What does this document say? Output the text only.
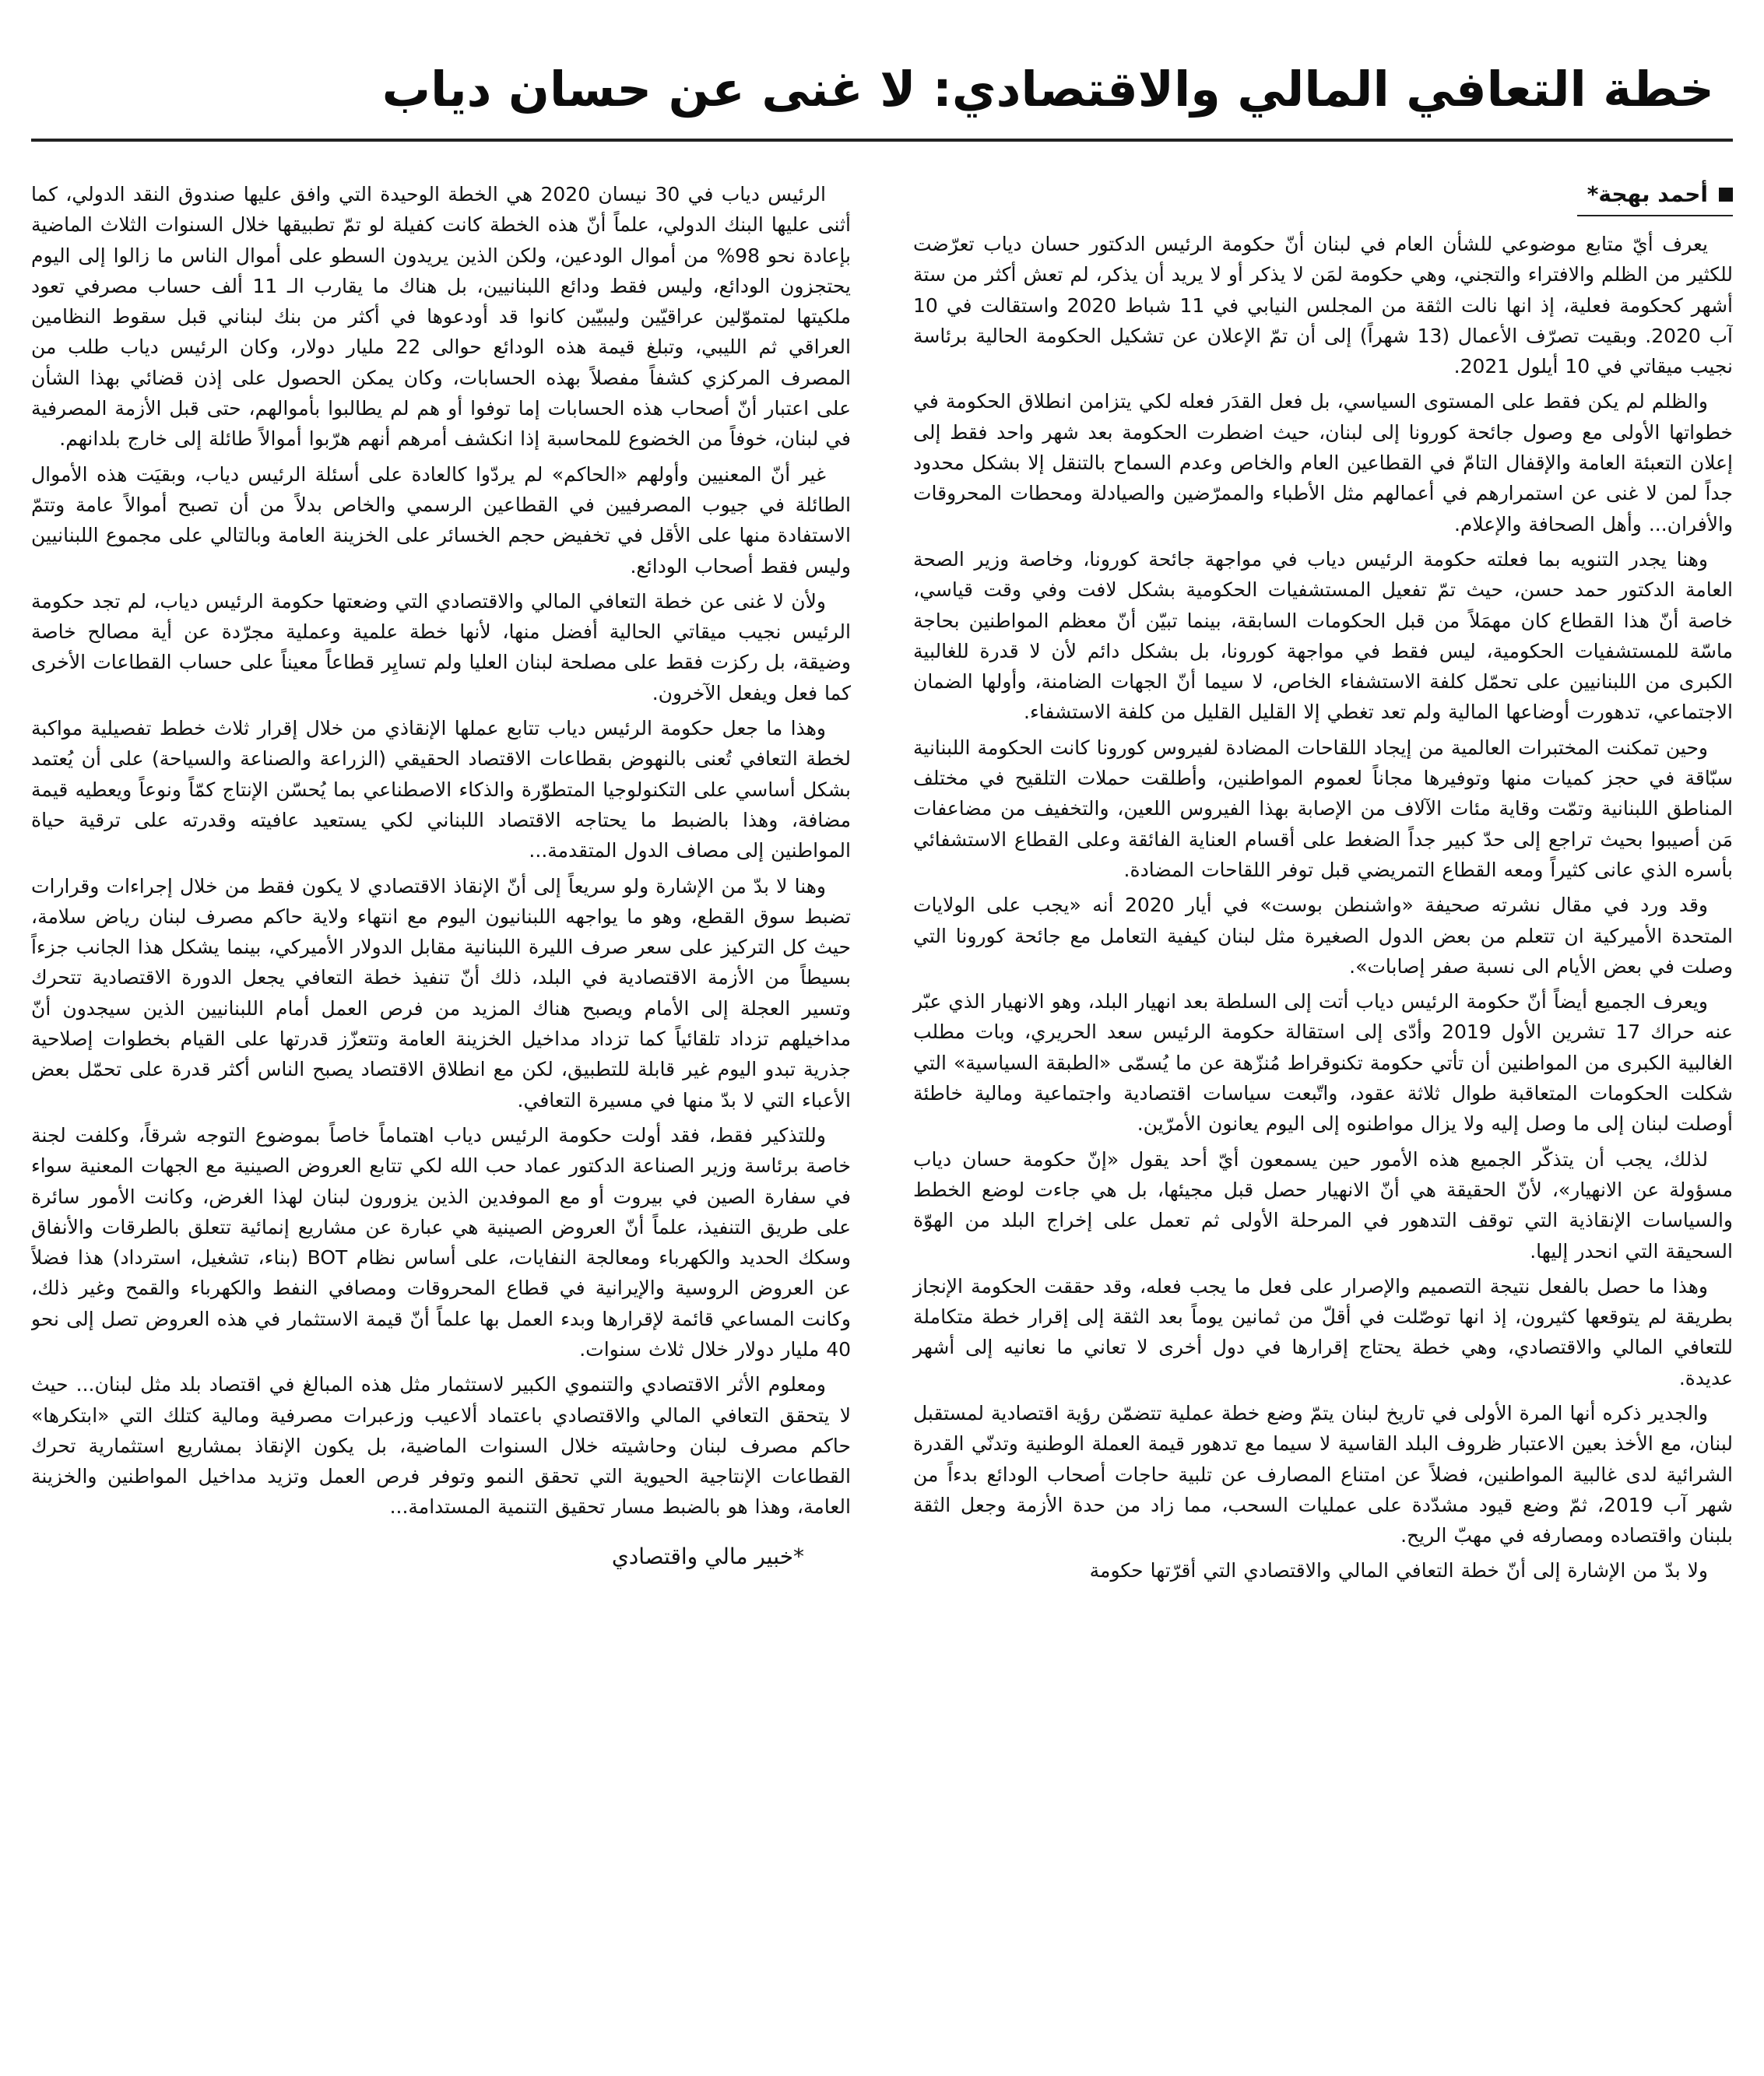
خطة التعافي المالي والاقتصادي: لا غنى عن حسان دياب
أحمد بهجة*

يعرف أيّ متابع موضوعي للشأن العام في لبنان أنّ حكومة الرئيس الدكتور حسان دياب تعرّضت للكثير من الظلم والافتراء والتجني، وهي حكومة لمَن لا يذكر أو لا يريد أن يذكر، لم تعش أكثر من ستة أشهر كحكومة فعلية، إذ انها نالت الثقة من المجلس النيابي في 11 شباط 2020 واستقالت في 10 آب 2020. وبقيت تصرّف الأعمال (13 شهراً) إلى أن تمّ الإعلان عن تشكيل الحكومة الحالية برئاسة نجيب ميقاتي في 10 أيلول 2021.

والظلم لم يكن فقط على المستوى السياسي، بل فعل القدَر فعله لكي يتزامن انطلاق الحكومة في خطواتها الأولى مع وصول جائحة كورونا إلى لبنان، حيث اضطرت الحكومة بعد شهر واحد فقط إلى إعلان التعبئة العامة والإقفال التامّ في القطاعين العام والخاص وعدم السماح بالتنقل إلا بشكل محدود جداً لمن لا غنى عن استمرارهم في أعمالهم مثل الأطباء والممرّضين والصيادلة ومحطات المحروقات والأفران... وأهل الصحافة والإعلام.

وهنا يجدر التنويه بما فعلته حكومة الرئيس دياب في مواجهة جائحة كورونا، وخاصة وزير الصحة العامة الدكتور حمد حسن، حيث تمّ تفعيل المستشفيات الحكومية بشكل لافت وفي وقت قياسي، خاصة أنّ هذا القطاع كان مهمَلاً من قبل الحكومات السابقة، بينما تبيّن أنّ معظم المواطنين بحاجة ماسّة للمستشفيات الحكومية، ليس فقط في مواجهة كورونا، بل بشكل دائم لأن لا قدرة للغالبية الكبرى من اللبنانيين على تحمّل كلفة الاستشفاء الخاص، لا سيما أنّ الجهات الضامنة، وأولها الضمان الاجتماعي، تدهورت أوضاعها المالية ولم تعد تغطي إلا القليل القليل من كلفة الاستشفاء.

وحين تمكنت المختبرات العالمية من إيجاد اللقاحات المضادة لفيروس كورونا كانت الحكومة اللبنانية سبّاقة في حجز كميات منها وتوفيرها مجاناً لعموم المواطنين، وأطلقت حملات التلقيح في مختلف المناطق اللبنانية وتمّت وقاية مئات الآلاف من الإصابة بهذا الفيروس اللعين، والتخفيف من مضاعفات مَن أصيبوا بحيث تراجع إلى حدّ كبير جداً الضغط على أقسام العناية الفائقة وعلى القطاع الاستشفائي بأسره الذي عانى كثيراً ومعه القطاع التمريضي قبل توفر اللقاحات المضادة.

وقد ورد في مقال نشرته صحيفة «واشنطن بوست» في أيار 2020 أنه «يجب على الولايات المتحدة الأميركية ان تتعلم من بعض الدول الصغيرة مثل لبنان كيفية التعامل مع جائحة كورونا التي وصلت في بعض الأيام الى نسبة صفر إصابات».

ويعرف الجميع أيضاً أنّ حكومة الرئيس دياب أتت إلى السلطة بعد انهيار البلد، وهو الانهيار الذي عبّر عنه حراك 17 تشرين الأول 2019 وأدّى إلى استقالة حكومة الرئيس سعد الحريري، وبات مطلب الغالبية الكبرى من المواطنين أن تأتي حكومة تكنوقراط مُنزّهة عن ما يُسمّى «الطبقة السياسية» التي شكلت الحكومات المتعاقبة طوال ثلاثة عقود، واتّبعت سياسات اقتصادية واجتماعية ومالية خاطئة أوصلت لبنان إلى ما وصل إليه ولا يزال مواطنوه إلى اليوم يعانون الأمرّين.

لذلك، يجب أن يتذكّر الجميع هذه الأمور حين يسمعون أيّ أحد يقول «إنّ حكومة حسان دياب مسؤولة عن الانهيار»، لأنّ الحقيقة هي أنّ الانهيار حصل قبل مجيئها، بل هي جاءت لوضع الخطط والسياسات الإنقاذية التي توقف التدهور في المرحلة الأولى ثم تعمل على إخراج البلد من الهوّة السحيقة التي انحدر إليها.

وهذا ما حصل بالفعل نتيجة التصميم والإصرار على فعل ما يجب فعله، وقد حققت الحكومة الإنجاز بطريقة لم يتوقعها كثيرون، إذ انها توصّلت في أقلّ من ثمانين يوماً بعد الثقة إلى إقرار خطة متكاملة للتعافي المالي والاقتصادي، وهي خطة يحتاج إقرارها في دول أخرى لا تعاني ما نعانيه إلى أشهر عديدة.

والجدير ذكره أنها المرة الأولى في تاريخ لبنان يتمّ وضع خطة عملية تتضمّن رؤية اقتصادية لمستقبل لبنان، مع الأخذ بعين الاعتبار ظروف البلد القاسية لا سيما مع تدهور قيمة العملة الوطنية وتدنّي القدرة الشرائية لدى غالبية المواطنين، فضلاً عن امتناع المصارف عن تلبية حاجات أصحاب الودائع بدءاً من شهر آب 2019، ثمّ وضع قيود مشدّدة على عمليات السحب، مما زاد من حدة الأزمة وجعل الثقة بلبنان واقتصاده ومصارفه في مهبّ الريح.

ولا بدّ من الإشارة إلى أنّ خطة التعافي المالي والاقتصادي التي أقرّتها حكومة

الرئيس دياب في 30 نيسان 2020 هي الخطة الوحيدة التي وافق عليها صندوق النقد الدولي، كما أثنى عليها البنك الدولي، علماً أنّ هذه الخطة كانت كفيلة لو تمّ تطبيقها خلال السنوات الثلاث الماضية بإعادة نحو 98% من أموال الودعين، ولكن الذين يريدون السطو على أموال الناس ما زالوا إلى اليوم يحتجزون الودائع، وليس فقط ودائع اللبنانيين، بل هناك ما يقارب الـ 11 ألف حساب مصرفي تعود ملكيتها لمتموّلين عراقيّين وليبيّين كانوا قد أودعوها في أكثر من بنك لبناني قبل سقوط النظامين العراقي ثم الليبي، وتبلغ قيمة هذه الودائع حوالى 22 مليار دولار، وكان الرئيس دياب طلب من المصرف المركزي كشفاً مفصلاً بهذه الحسابات، وكان يمكن الحصول على إذن قضائي بهذا الشأن على اعتبار أنّ أصحاب هذه الحسابات إما توفوا أو هم لم يطالبوا بأموالهم، حتى قبل الأزمة المصرفية في لبنان، خوفاً من الخضوع للمحاسبة إذا انكشف أمرهم أنهم هرّبوا أموالاً طائلة إلى خارج بلدانهم.

غير أنّ المعنيين وأولهم «الحاكم» لم يردّوا كالعادة على أسئلة الرئيس دياب، وبقيَت هذه الأموال الطائلة في جيوب المصرفيين في القطاعين الرسمي والخاص بدلاً من أن تصبح أموالاً عامة وتتمّ الاستفادة منها على الأقل في تخفيض حجم الخسائر على الخزينة العامة وبالتالي على مجموع اللبنانيين وليس فقط أصحاب الودائع.

ولأن لا غنى عن خطة التعافي المالي والاقتصادي التي وضعتها حكومة الرئيس دياب، لم تجد حكومة الرئيس نجيب ميقاتي الحالية أفضل منها، لأنها خطة علمية وعملية مجرّدة عن أية مصالح خاصة وضيقة، بل ركزت فقط على مصلحة لبنان العليا ولم تسايِر قطاعاً معيناً على حساب القطاعات الأخرى كما فعل ويفعل الآخرون.

وهذا ما جعل حكومة الرئيس دياب تتابع عملها الإنقاذي من خلال إقرار ثلاث خطط تفصيلية مواكبة لخطة التعافي تُعنى بالنهوض بقطاعات الاقتصاد الحقيقي (الزراعة والصناعة والسياحة) على أن يُعتمد بشكل أساسي على التكنولوجيا المتطوّرة والذكاء الاصطناعي بما يُحسّن الإنتاج كمّاً ونوعاً ويعطيه قيمة مضافة، وهذا بالضبط ما يحتاجه الاقتصاد اللبناني لكي يستعيد عافيته وقدرته على ترقية حياة المواطنين إلى مصاف الدول المتقدمة...

وهنا لا بدّ من الإشارة ولو سريعاً إلى أنّ الإنقاذ الاقتصادي لا يكون فقط من خلال إجراءات وقرارات تضبط سوق القطع، وهو ما يواجهه اللبنانيون اليوم مع انتهاء ولاية حاكم مصرف لبنان رياض سلامة، حيث كل التركيز على سعر صرف الليرة اللبنانية مقابل الدولار الأميركي، بينما يشكل هذا الجانب جزءاً بسيطاً من الأزمة الاقتصادية في البلد، ذلك أنّ تنفيذ خطة التعافي يجعل الدورة الاقتصادية تتحرك وتسير العجلة إلى الأمام ويصبح هناك المزيد من فرص العمل أمام اللبنانيين الذين سيجدون أنّ مداخيلهم تزداد تلقائياً كما تزداد مداخيل الخزينة العامة وتتعزّز قدرتها على القيام بخطوات إصلاحية جذرية تبدو اليوم غير قابلة للتطبيق، لكن مع انطلاق الاقتصاد يصبح الناس أكثر قدرة على تحمّل بعض الأعباء التي لا بدّ منها في مسيرة التعافي.

وللتذكير فقط، فقد أولت حكومة الرئيس دياب اهتماماً خاصاً بموضوع التوجه شرقاً، وكلفت لجنة خاصة برئاسة وزير الصناعة الدكتور عماد حب الله لكي تتابع العروض الصينية مع الجهات المعنية سواء في سفارة الصين في بيروت أو مع الموفدين الذين يزورون لبنان لهذا الغرض، وكانت الأمور سائرة على طريق التنفيذ، علماً أنّ العروض الصينية هي عبارة عن مشاريع إنمائية تتعلق بالطرقات والأنفاق وسكك الحديد والكهرباء ومعالجة النفايات، على أساس نظام BOT (بناء، تشغيل، استرداد) هذا فضلاً عن العروض الروسية والإيرانية في قطاع المحروقات ومصافي النفط والكهرباء والقمح وغير ذلك، وكانت المساعي قائمة لإقرارها وبدء العمل بها علماً أنّ قيمة الاستثمار في هذه العروض تصل إلى نحو 40 مليار دولار خلال ثلاث سنوات.

ومعلوم الأثر الاقتصادي والتنموي الكبير لاستثمار مثل هذه المبالغ في اقتصاد بلد مثل لبنان... حيث لا يتحقق التعافي المالي والاقتصادي باعتماد ألاعيب وزعبرات مصرفية ومالية كتلك التي «ابتكرها» حاكم مصرف لبنان وحاشيته خلال السنوات الماضية، بل يكون الإنقاذ بمشاريع استثمارية تحرك القطاعات الإنتاجية الحيوية التي تحقق النمو وتوفر فرص العمل وتزيد مداخيل المواطنين والخزينة العامة، وهذا هو بالضبط مسار تحقيق التنمية المستدامة...

*خبير مالي واقتصادي
